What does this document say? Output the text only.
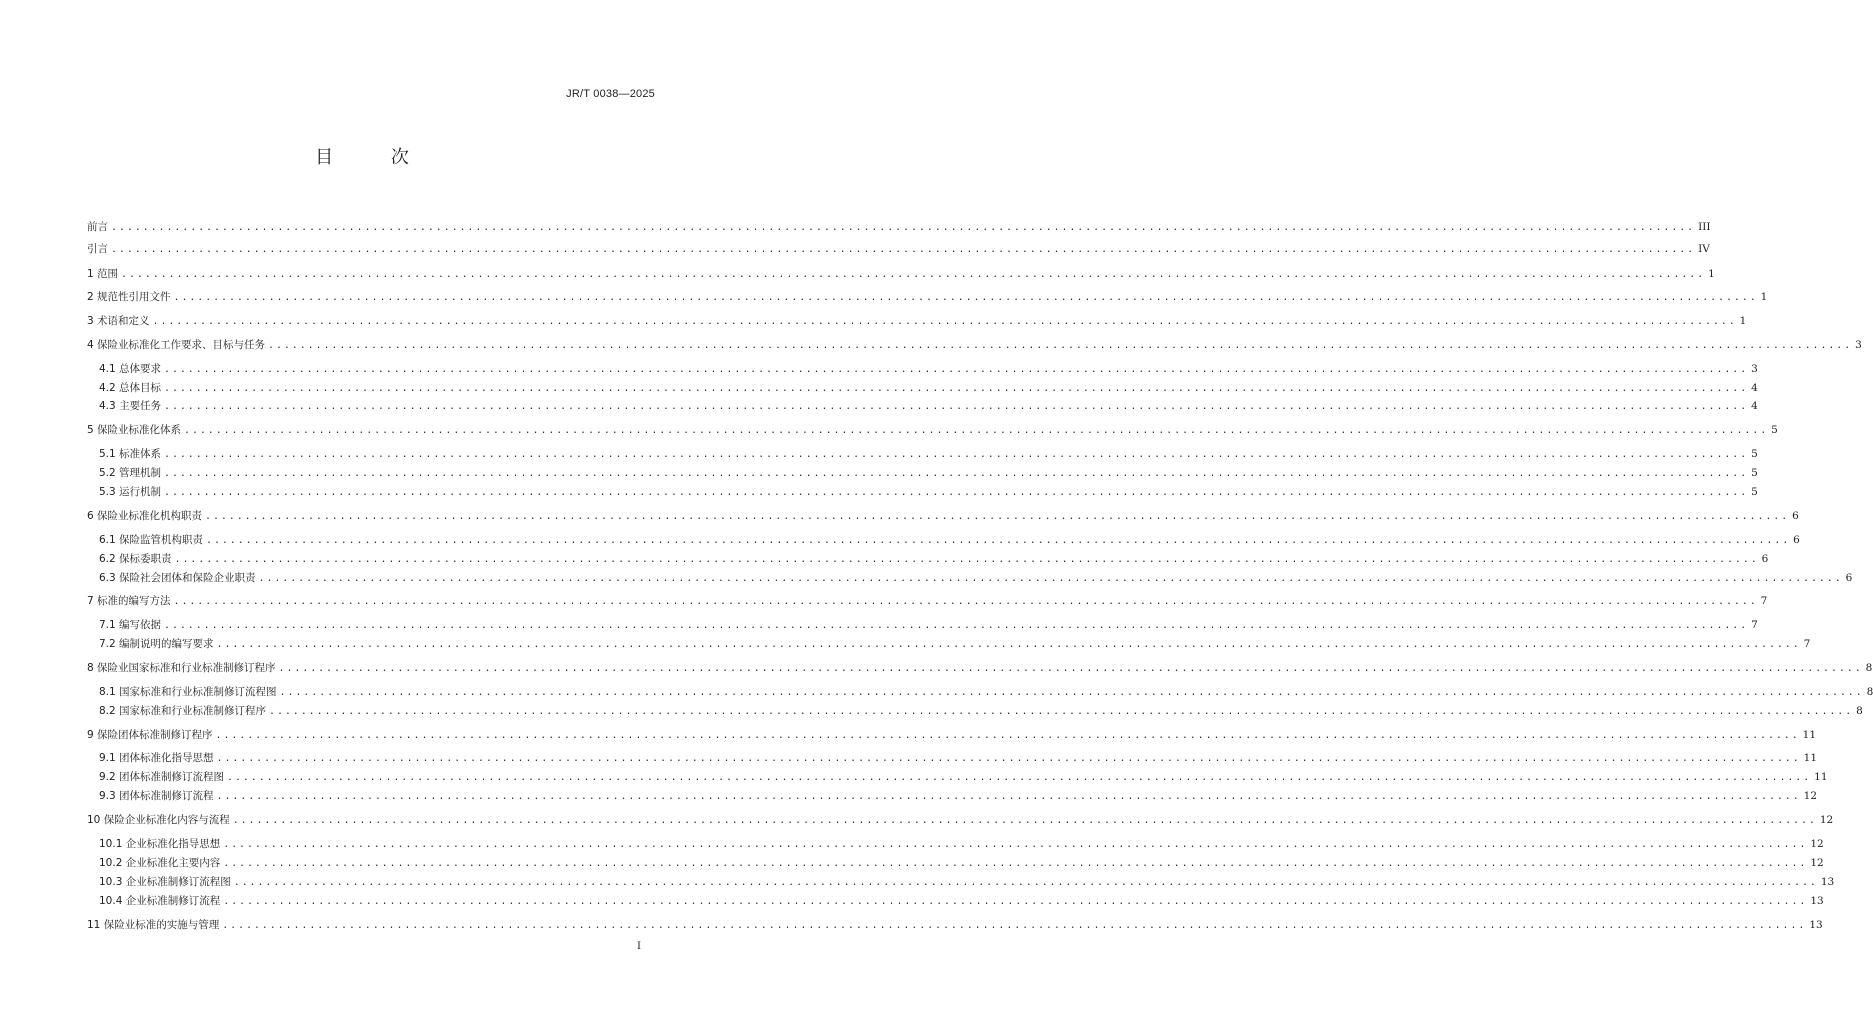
JR/T 0038—2025
目 次
前言 ........................................................................................................................................................................................................ III
引言 ........................................................................................................................................................................................................ IV
1 范围 ........................................................................................................................................................................................................ 1
2 规范性引用文件 ........................................................................................................................................................................................................ 1
3 术语和定义 ........................................................................................................................................................................................................ 1
4 保险业标准化工作要求、目标与任务 ........................................................................................................................................................................................................ 3
4.1 总体要求 ........................................................................................................................................................................................................ 3
4.2 总体目标 ........................................................................................................................................................................................................ 4
4.3 主要任务 ........................................................................................................................................................................................................ 4
5 保险业标准化体系 ........................................................................................................................................................................................................ 5
5.1 标准体系 ........................................................................................................................................................................................................ 5
5.2 管理机制 ........................................................................................................................................................................................................ 5
5.3 运行机制 ........................................................................................................................................................................................................ 5
6 保险业标准化机构职责 ........................................................................................................................................................................................................ 6
6.1 保险监管机构职责 ........................................................................................................................................................................................................ 6
6.2 保标委职责 ........................................................................................................................................................................................................ 6
6.3 保险社会团体和保险企业职责 ........................................................................................................................................................................................................ 6
7 标准的编写方法 ........................................................................................................................................................................................................ 7
7.1 编写依据 ........................................................................................................................................................................................................ 7
7.2 编制说明的编写要求 ........................................................................................................................................................................................................ 7
8 保险业国家标准和行业标准制修订程序 ........................................................................................................................................................................................................ 8
8.1 国家标准和行业标准制修订流程图 ........................................................................................................................................................................................................ 8
8.2 国家标准和行业标准制修订程序 ........................................................................................................................................................................................................ 8
9 保险团体标准制修订程序 ........................................................................................................................................................................................................ 11
9.1 团体标准化指导思想 ........................................................................................................................................................................................................ 11
9.2 团体标准制修订流程图 ........................................................................................................................................................................................................ 11
9.3 团体标准制修订流程 ........................................................................................................................................................................................................ 12
10 保险企业标准化内容与流程 ........................................................................................................................................................................................................ 12
10.1 企业标准化指导思想 ........................................................................................................................................................................................................ 12
10.2 企业标准化主要内容 ........................................................................................................................................................................................................ 12
10.3 企业标准制修订流程图 ........................................................................................................................................................................................................ 13
10.4 企业标准制修订流程 ........................................................................................................................................................................................................ 13
11 保险业标准的实施与管理 ........................................................................................................................................................................................................ 13
I
